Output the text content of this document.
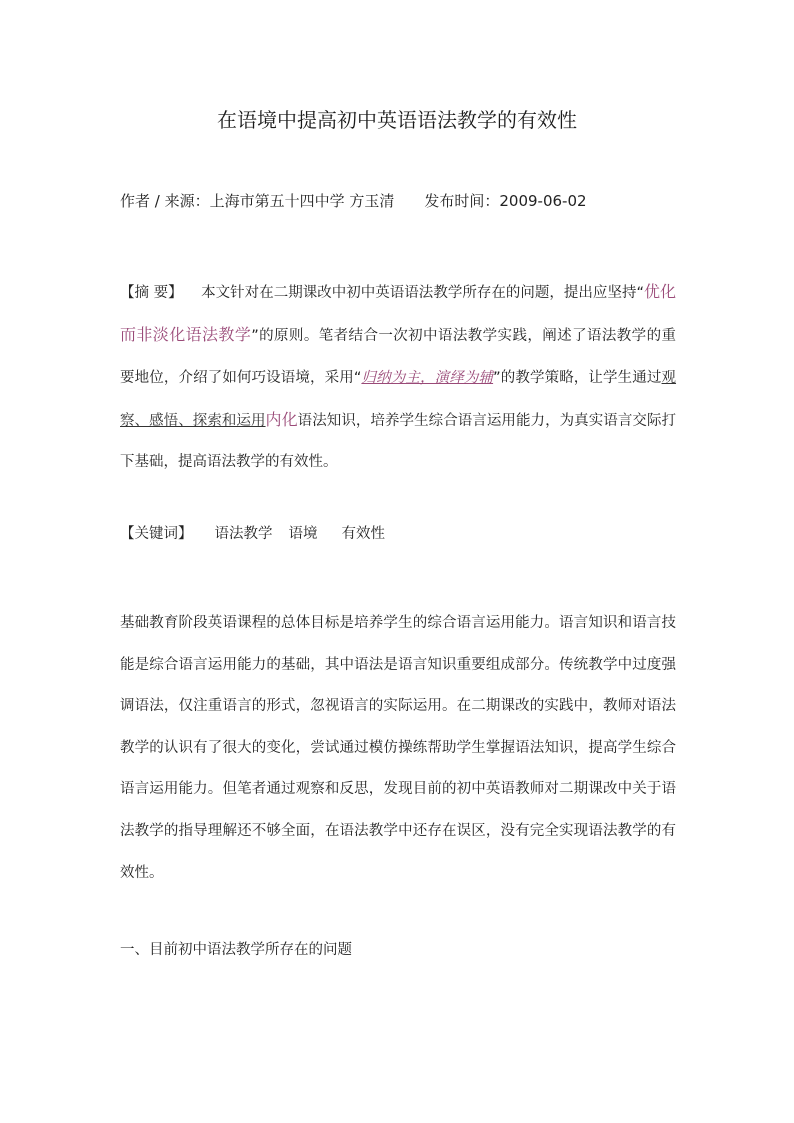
在语境中提高初中英语语法教学的有效性
作者 / 来源：上海市第五十四中学 方玉清 发布时间：2009-06-02
【摘 要】 本文针对在二期课改中初中英语语法教学所存在的问题，提出应坚持“优化而非淡化语法教学”的原则。笔者结合一次初中语法教学实践，阐述了语法教学的重要地位，介绍了如何巧设语境，采用“归纳为主，演绎为辅”的教学策略，让学生通过观察、感悟、探索和运用内化语法知识，培养学生综合语言运用能力，为真实语言交际打下基础，提高语法教学的有效性。
【关键词】 语法教学 语境 有效性
基础教育阶段英语课程的总体目标是培养学生的综合语言运用能力。语言知识和语言技能是综合语言运用能力的基础，其中语法是语言知识重要组成部分。传统教学中过度强调语法，仅注重语言的形式，忽视语言的实际运用。在二期课改的实践中，教师对语法教学的认识有了很大的变化，尝试通过模仿操练帮助学生掌握语法知识，提高学生综合语言运用能力。但笔者通过观察和反思，发现目前的初中英语教师对二期课改中关于语法教学的指导理解还不够全面，在语法教学中还存在误区，没有完全实现语法教学的有效性。
一、目前初中语法教学所存在的问题
